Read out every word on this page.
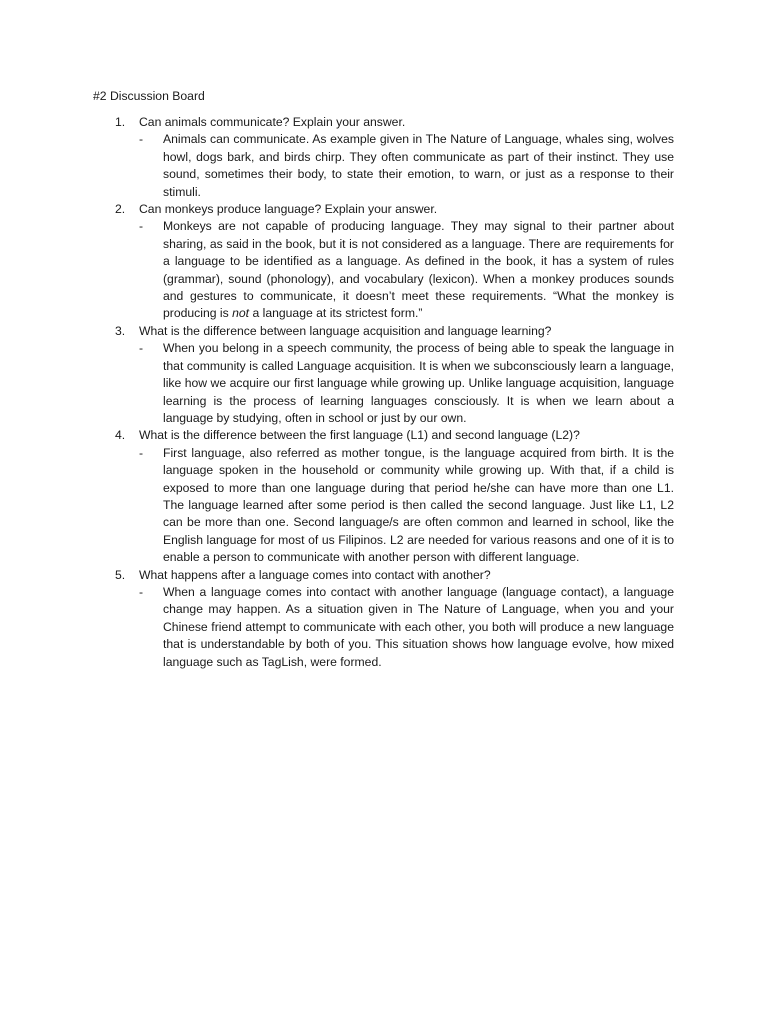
#2 Discussion Board
1. Can animals communicate? Explain your answer.
- Animals can communicate. As example given in The Nature of Language, whales sing, wolves howl, dogs bark, and birds chirp. They often communicate as part of their instinct. They use sound, sometimes their body, to state their emotion, to warn, or just as a response to their stimuli.
2. Can monkeys produce language? Explain your answer.
- Monkeys are not capable of producing language. They may signal to their partner about sharing, as said in the book, but it is not considered as a language. There are requirements for a language to be identified as a language. As defined in the book, it has a system of rules (grammar), sound (phonology), and vocabulary (lexicon). When a monkey produces sounds and gestures to communicate, it doesn’t meet these requirements. “What the monkey is producing is not a language at its strictest form.”
3. What is the difference between language acquisition and language learning?
- When you belong in a speech community, the process of being able to speak the language in that community is called Language acquisition. It is when we subconsciously learn a language, like how we acquire our first language while growing up. Unlike language acquisition, language learning is the process of learning languages consciously. It is when we learn about a language by studying, often in school or just by our own.
4. What is the difference between the first language (L1) and second language (L2)?
- First language, also referred as mother tongue, is the language acquired from birth. It is the language spoken in the household or community while growing up. With that, if a child is exposed to more than one language during that period he/she can have more than one L1. The language learned after some period is then called the second language. Just like L1, L2 can be more than one. Second language/s are often common and learned in school, like the English language for most of us Filipinos. L2 are needed for various reasons and one of it is to enable a person to communicate with another person with different language.
5. What happens after a language comes into contact with another?
- When a language comes into contact with another language (language contact), a language change may happen. As a situation given in The Nature of Language, when you and your Chinese friend attempt to communicate with each other, you both will produce a new language that is understandable by both of you. This situation shows how language evolve, how mixed language such as TagLish, were formed.
